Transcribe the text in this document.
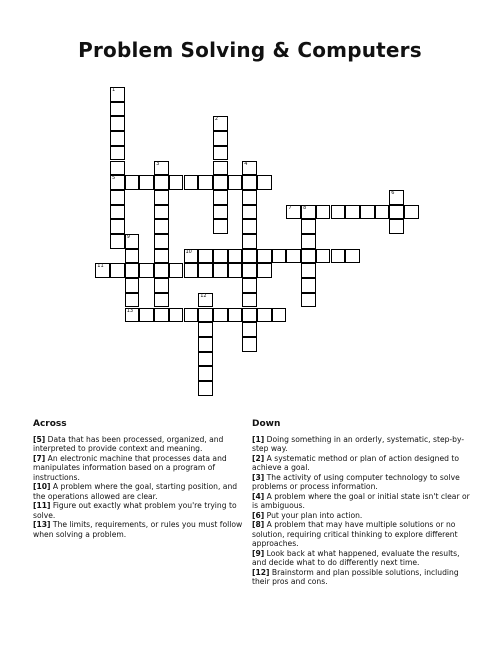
Problem Solving & Computers
1
5
2
3	4
6
7 8
9
13
10
11
12
Across

[5] Data that has been processed, organized, and interpreted to provide context and meaning.

[7] An electronic machine that processes data and manipulates information based on a program of instructions.

[10] A problem where the goal, starting position, and the operations allowed are clear.

[11] Figure out exactly what problem you're trying to solve.

[13] The limits, requirements, or rules you must follow when solving a problem.

Down

[1] Doing something in an orderly, systematic, step-by-step way.

[2] A systematic method or plan of action designed to achieve a goal.

[3] The activity of using computer technology to solve problems or process information.

[4] A problem where the goal or initial state isn't clear or is ambiguous.

[6] Put your plan into action.

[8] A problem that may have multiple solutions or no solution, requiring critical thinking to explore different approaches.

[9] Look back at what happened, evaluate the results, and decide what to do differently next time.

[12] Brainstorm and plan possible solutions, including their pros and cons.
